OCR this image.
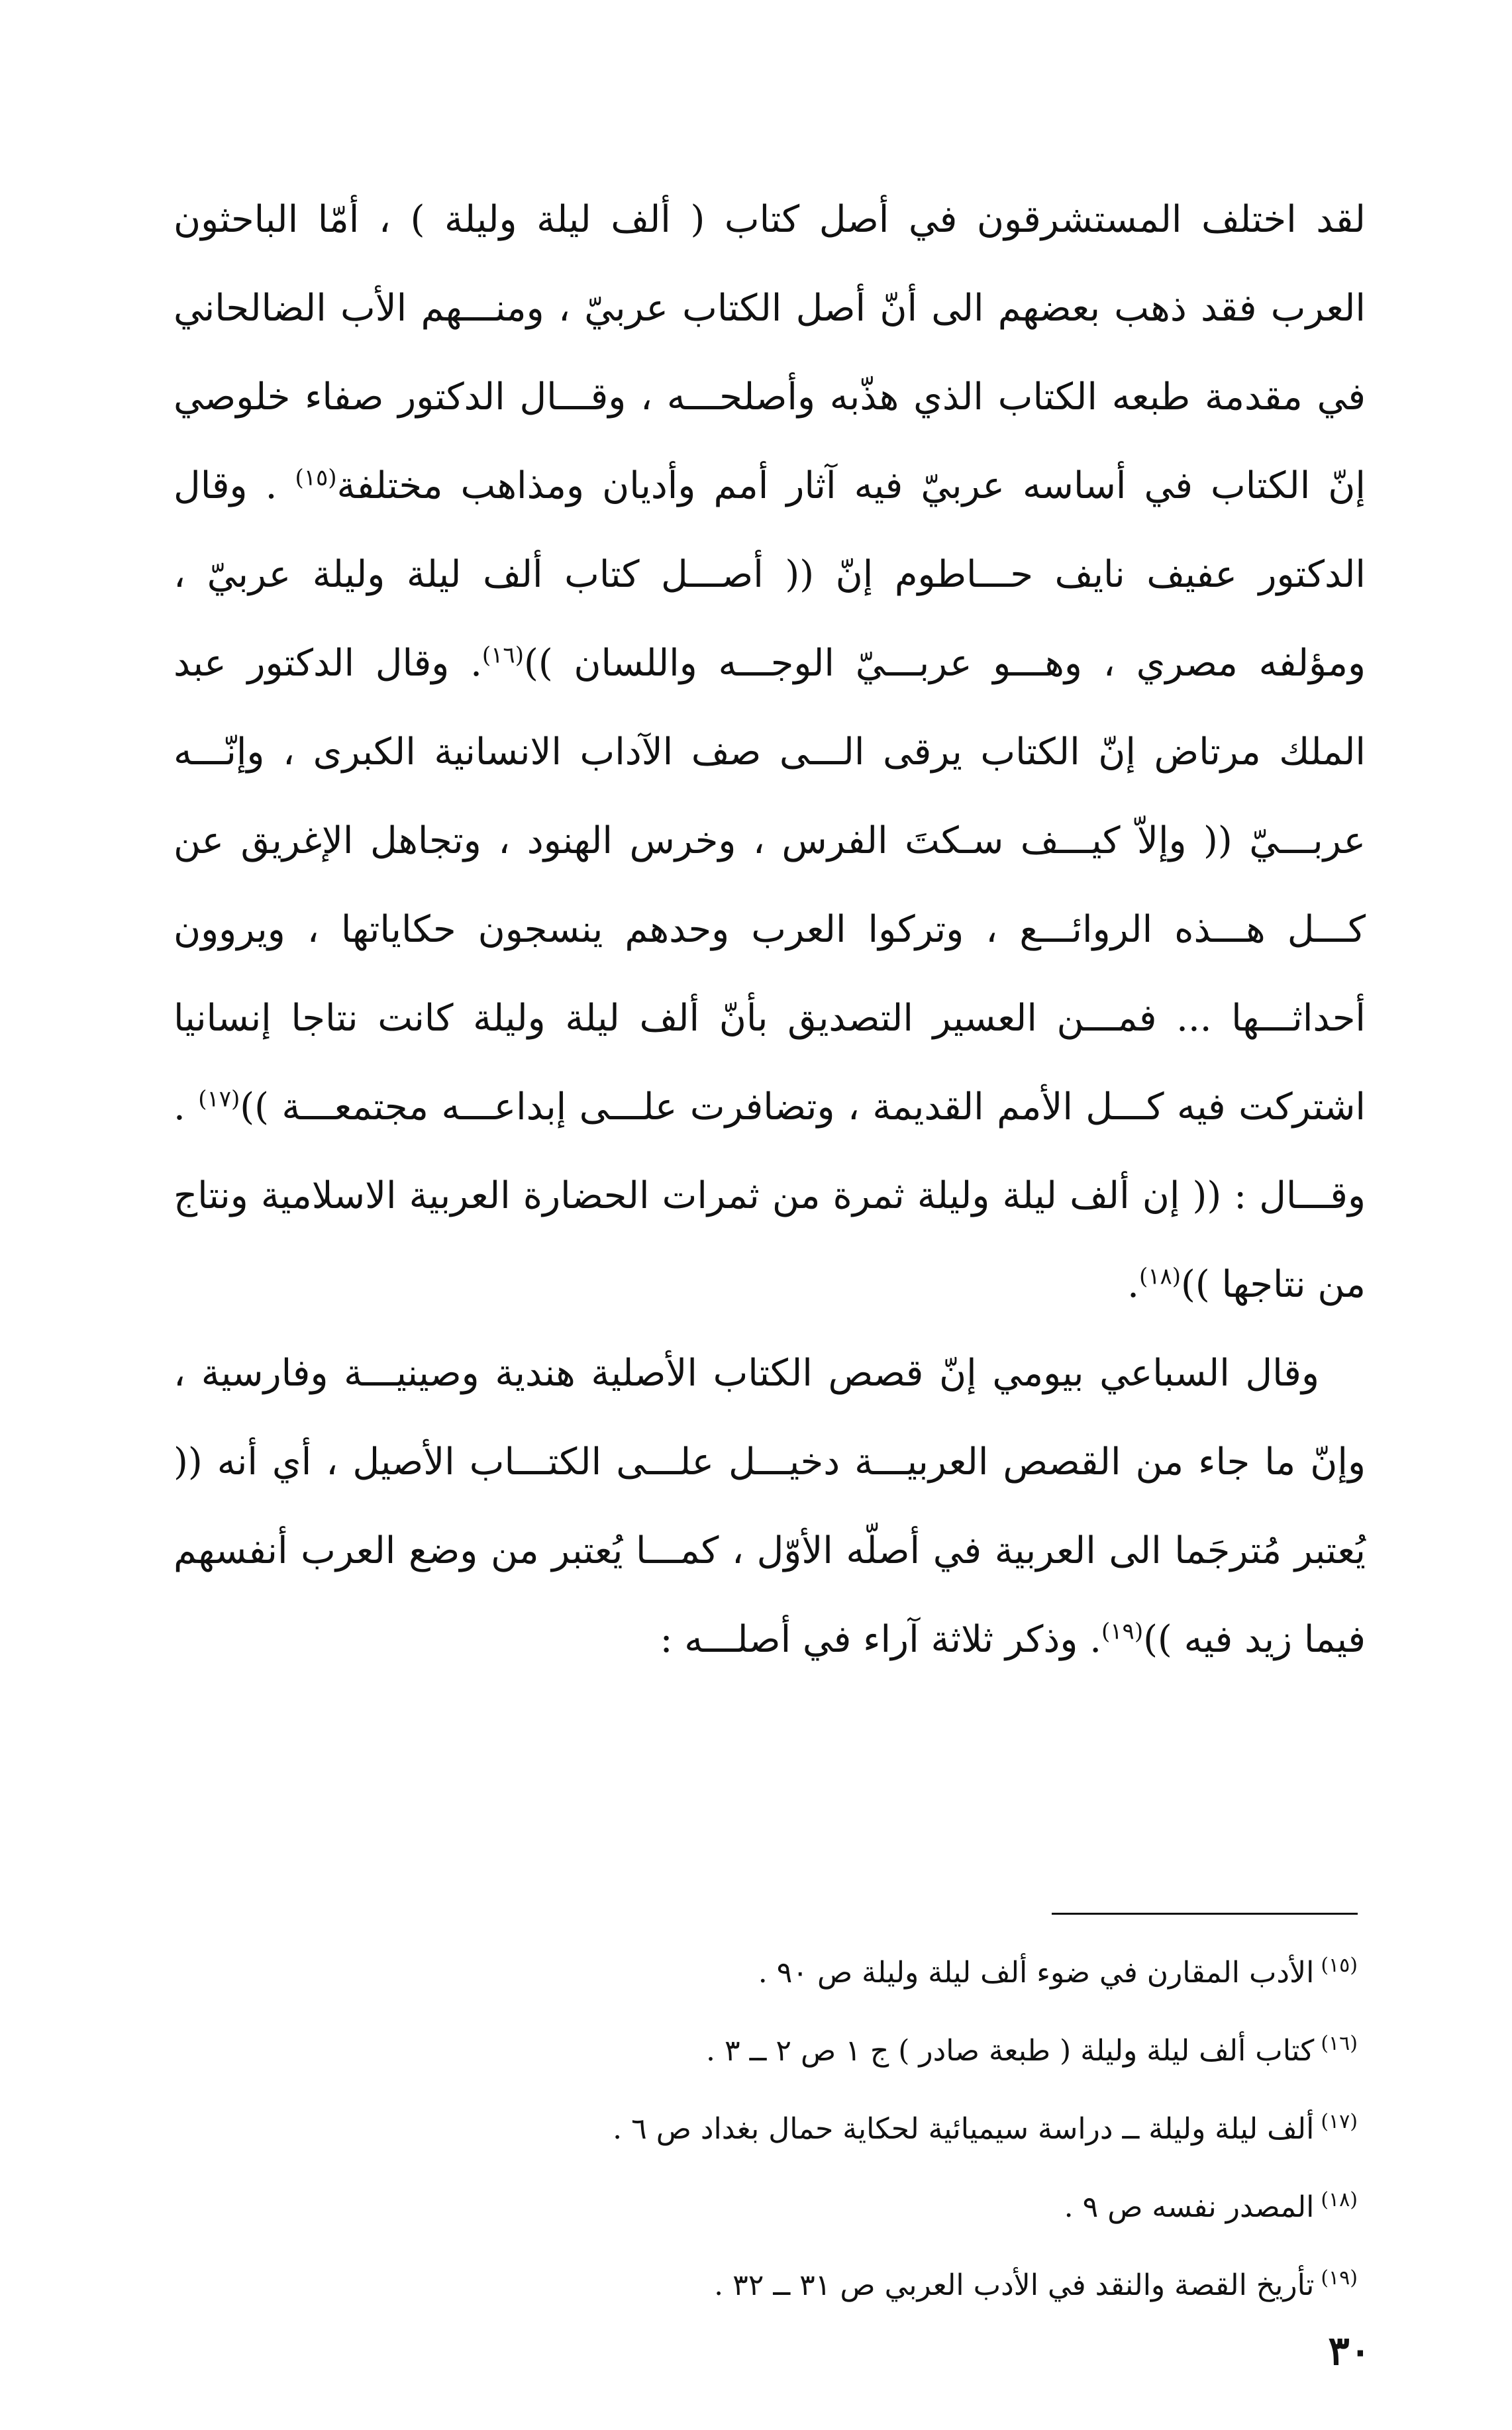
لقد اختلف المستشرقون في أصل كتاب ( ألف ليلة وليلة ) ، أمّا الباحثون العرب فقد ذهب بعضهم الى أنّ أصل الكتاب عربيّ ، ومنـــهم الأب الضالحاني في مقدمة طبعه الكتاب الذي هذّبه وأصلحـــه ، وقـــال الدكتور صفاء خلوصي إنّ الكتاب في أساسه عربيّ فيه آثار أمم وأديان ومذاهب مختلفة$^{(١٥)}$ . وقال الدكتور عفيف نايف حـــاطوم إنّ (( أصـــل كتاب ألف ليلة وليلة عربيّ ، ومؤلفه مصري ، وهـــو عربـــيّ الوجـــه واللسان ))$^{(١٦)}$. وقال الدكتور عبد الملك مرتاض إنّ الكتاب يرقى الـــى صف الآداب الانسانية الكبرى ، وإنّـــه عربـــيّ (( وإلاّ كيـــف سـكتَ الفرس ، وخرس الهنود ، وتجاهل الإغريق عن كـــل هـــذه الروائـــع ، وتركوا العرب وحدهم ينسجون حكاياتها ، ويروون أحداثـــها ... فمـــن العسير التصديق بأنّ ألف ليلة وليلة كانت نتاجا إنسانيا اشتركت فيه كـــل الأمم القديمة ، وتضافرت علـــى إبداعـــه مجتمعـــة ))$^{(١٧)}$ . وقـــال : (( إن ألف ليلة وليلة ثمرة من ثمرات الحضارة العربية الاسلامية ونتاج من نتاجها ))$^{(١٨)}$.

وقال السباعي بيومي إنّ قصص الكتاب الأصلية هندية وصينيـــة وفارسية ، وإنّ ما جاء من القصص العربيـــة دخيـــل علـــى الكتـــاب الأصيل ، أي أنه (( يُعتبر مُترجَما الى العربية في أصلّه الأوّل ، كمـــا يُعتبر من وضع العرب أنفسهم فيما زيد فيه ))$^{(١٩)}$. وذكر ثلاثة آراء في أصلـــه :

$^{(١٥)}$الأدب المقارن في ضوء ألف ليلة وليلة ص ٩٠ .
$^{(١٦)}$كتاب ألف ليلة وليلة ( طبعة صادر ) ج ١ ص ٢ ــ ٣ .
$^{(١٧)}$ألف ليلة وليلة ــ دراسة سيميائية لحكاية حمال بغداد ص ٦ .
$^{(١٨)}$المصدر نفسه ص ٩ .
$^{(١٩)}$تأريخ القصة والنقد في الأدب العربي ص ٣١ ــ ٣٢ .
٣٠
